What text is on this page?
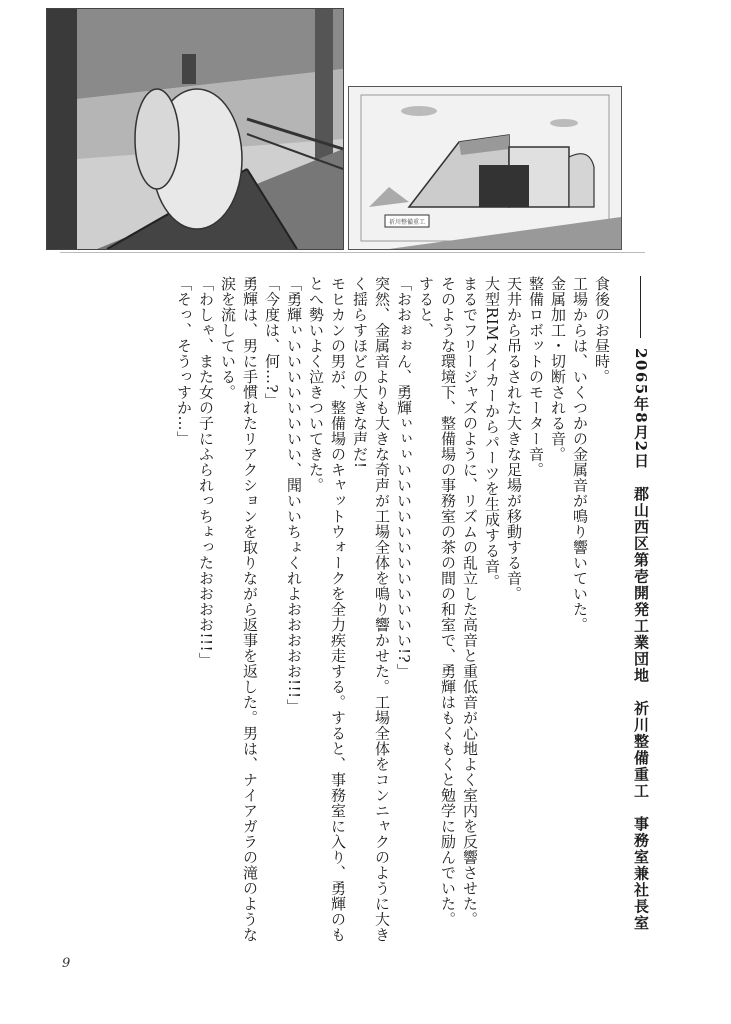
祈川整備重工
2065年8月2日　郡山西区第壱開発工業団地　祈川整備重工　事務室兼社長室
食後のお昼時。
工場からは、いくつかの金属音が鳴り響いていた。
金属加工・切断される音。
整備ロボットのモーター音。
天井から吊るされた大きな足場が移動する音。
大型RIMメイカーからパーツを生成する音。
まるでフリージャズのように、リズムの乱立した高音と重低音が心地よく室内を反響させた。
そのような環境下、整備場の事務室の茶の間の和室で、勇輝はもくもくと勉学に励んでいた。
すると、
「おおぉぉん、勇輝ぃぃぃいいいいいいいいいいいい!?」
突然、金属音よりも大きな奇声が工場全体を鳴り響かせた。工場全体をコンニャクのように大き
く揺らすほどの大きな声だ!
モヒカンの男が、整備場のキャットウォークを全力疾走する。すると、事務室に入り、勇輝のも
とへ勢いよく泣きついてきた。
「勇輝ぃいいいいいいいい、聞いいちょくれよおおおおお!!!」
「今度は、何…?」
勇輝は、男に手慣れたリアクションを取りながら返事を返した。男は、ナイアガラの滝のような
涙を流している。
「わしゃ、また女の子にふられっちょったおおおお!!!」
「そっ、そうっすか…」
9
